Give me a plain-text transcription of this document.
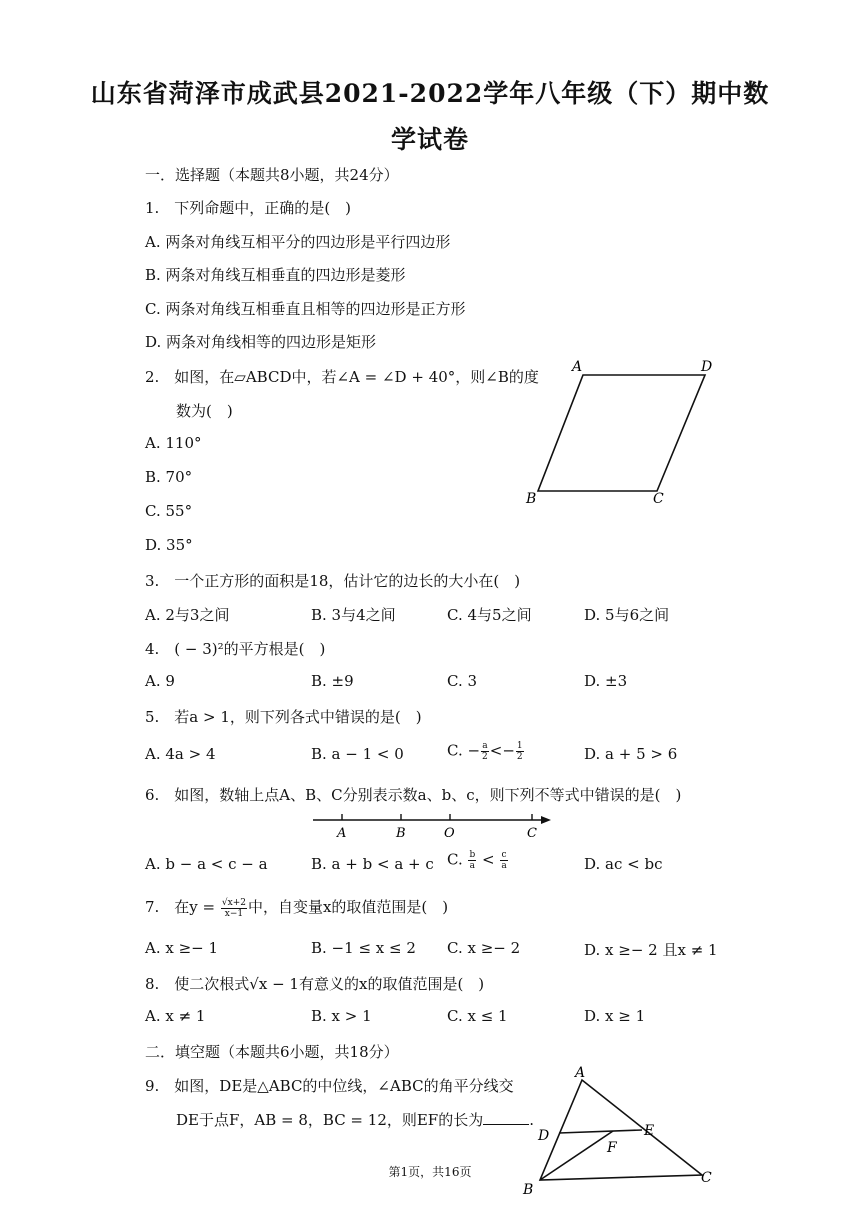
山东省菏泽市成武县2021-2022学年八年级（下）期中数
学试卷
一．选择题（本题共8小题，共24分）
1.　下列命题中，正确的是(　)
A. 两条对角线互相平分的四边形是平行四边形
B. 两条对角线互相垂直的四边形是菱形
C. 两条对角线互相垂直且相等的四边形是正方形
D. 两条对角线相等的四边形是矩形
2.　如图，在▱ABCD中，若∠A = ∠D + 40°，则∠B的度
数为(　)
A. 110°
B. 70°
C. 55°
D. 35°
A	D
B	C
3.　一个正方形的面积是18，估计它的边长的大小在(　)
A. 2与3之间	B. 3与4之间	C. 4与5之间	D. 5与6之间
4.　( − 3)²的平方根是(　)
A. 9	B. ±9	C. 3	D. ±3
5.　若a > 1，则下列各式中错误的是(　)
A. 4a > 4	B. a − 1 < 0	C. − $\frac{a}{2} <- \frac{1}{2}$	D. a + 5 > 6
6.　如图，数轴上点A、B、C分别表示数a、b、c，则下列不等式中错误的是(　)
A	B	O	C
A. b − a < c − a	B. a + b < a + c C. $\frac{b}{a} < \frac{c}{a}$	D. ac < bc
7.　在$y = \frac{√x+2}{x-1}$ 中，自变量x的取值范围是(　)
A. x ≥− 1	B. −1 ≤ x ≤ 2 C. x ≥− 2	D. x ≥− 2 且x ≠ 1
8.　使二次根式√x − 1有意义的x的取值范围是(　)
A. x ≠ 1	B. x > 1	C. x ≤ 1	D. x ≥ 1
二．填空题（本题共6小题，共18分）
9.　如图，DE是△ABC的中位线，∠ABC的角平分线交
DE于点F，AB = 8，BC = 12，则EF的长为	.
A
B
C
D	E
F
第1页，共16页
